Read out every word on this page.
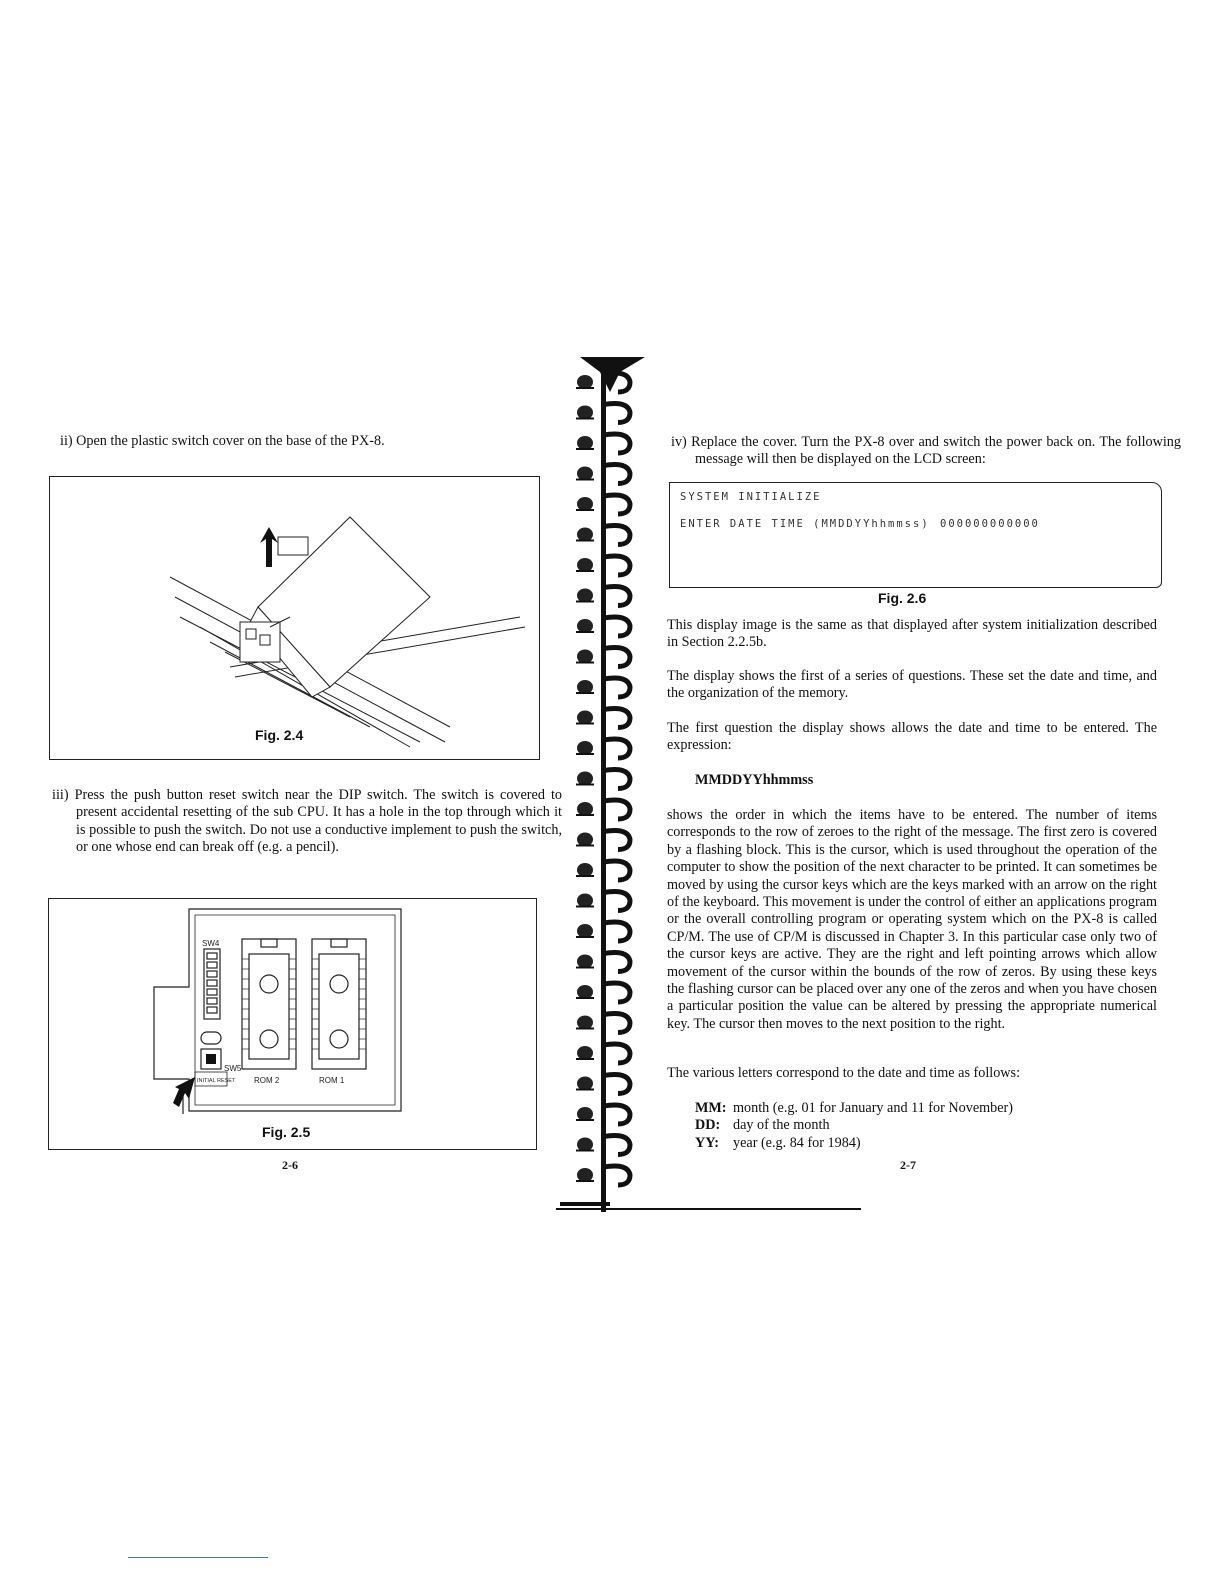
ii) Open the plastic switch cover on the base of the PX-8.
Fig. 2.4
iii) Press the push button reset switch near the DIP switch. The switch is covered to present accidental resetting of the sub CPU. It has a hole in the top through which it is possible to push the switch. Do not use a conductive implement to push the switch, or one whose end can break off (e.g. a pencil).
SW4
SW5
INITIAL RESET ROM 2	ROM 1
Fig. 2.5
2-6
iv) Replace the cover. Turn the PX-8 over and switch the power back on. The following message will then be displayed on the LCD screen:
SYSTEM INITIALIZE
ENTER DATE TIME (MMDDYYhhmmss) 000000000000
Fig. 2.6
This display image is the same as that displayed after system initialization described in Section 2.2.5b.
The display shows the first of a series of questions. These set the date and time, and the organization of the memory.
The first question the display shows allows the date and time to be entered. The expression:
MMDDYYhhmmss
shows the order in which the items have to be entered. The number of items corresponds to the row of zeroes to the right of the message. The first zero is covered by a flashing block. This is the cursor, which is used throughout the operation of the computer to show the position of the next character to be printed. It can sometimes be moved by using the cursor keys which are the keys marked with an arrow on the right of the keyboard. This movement is under the control of either an applications program or the overall controlling program or operating system which on the PX-8 is called CP/M. The use of CP/M is discussed in Chapter 3. In this particular case only two of the cursor keys are active. They are the right and left pointing arrows which allow movement of the cursor within the bounds of the row of zeros. By using these keys the flashing cursor can be placed over any one of the zeros and when you have chosen a particular position the value can be altered by pressing the appropriate numerical key. The cursor then moves to the next position to the right.
The various letters correspond to the date and time as follows:
MM: month (e.g. 01 for January and 11 for November)
DD: day of the month
YY: year (e.g. 84 for 1984)
2-7
